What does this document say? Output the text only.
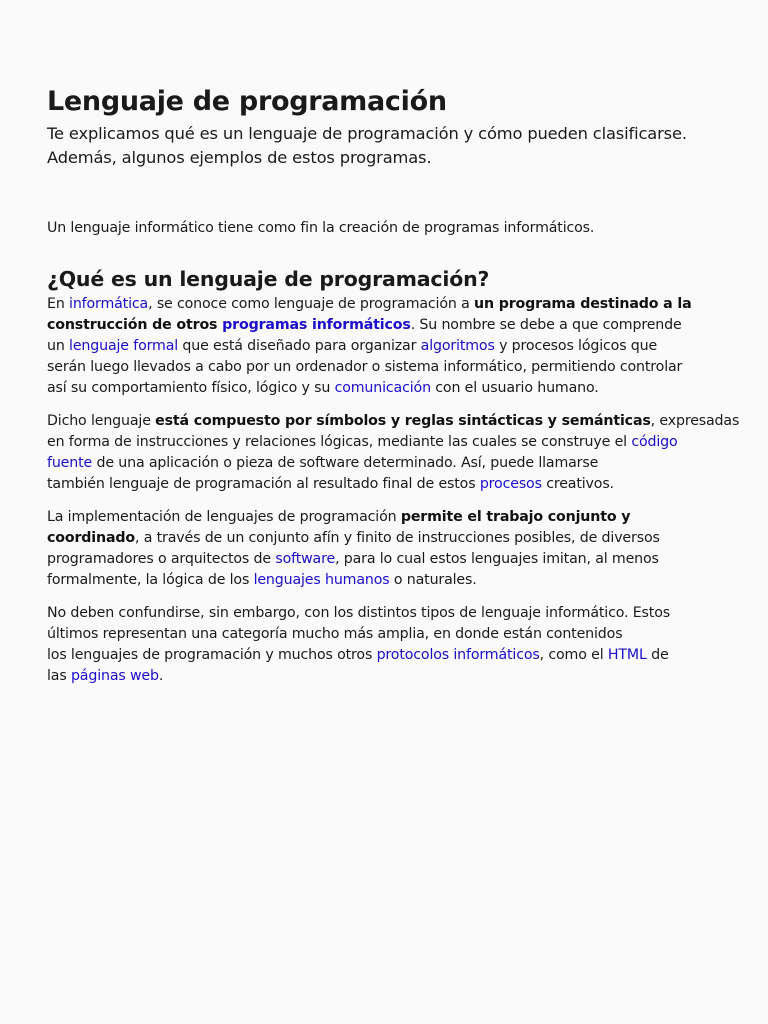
Lenguaje de programación

Te explicamos qué es un lenguaje de programación y cómo pueden clasificarse. Además, algunos ejemplos de estos programas.

Un lenguaje informático tiene como fin la creación de programas informáticos.

¿Qué es un lenguaje de programación?

En informática, se conoce como lenguaje de programación a un programa destinado a la
construcción de otros programas informáticos. Su nombre se debe a que comprende
un lenguaje formal que está diseñado para organizar algoritmos y procesos lógicos que
serán luego llevados a cabo por un ordenador o sistema informático, permitiendo controlar
así su comportamiento físico, lógico y su comunicación con el usuario humano.

Dicho lenguaje está compuesto por símbolos y reglas sintácticas y semánticas, expresadas
en forma de instrucciones y relaciones lógicas, mediante las cuales se construye el código
fuente de una aplicación o pieza de software determinado. Así, puede llamarse
también lenguaje de programación al resultado final de estos procesos creativos.

La implementación de lenguajes de programación permite el trabajo conjunto y
coordinado, a través de un conjunto afín y finito de instrucciones posibles, de diversos
programadores o arquitectos de software, para lo cual estos lenguajes imitan, al menos
formalmente, la lógica de los lenguajes humanos o naturales.

No deben confundirse, sin embargo, con los distintos tipos de lenguaje informático. Estos
últimos representan una categoría mucho más amplia, en donde están contenidos
los lenguajes de programación y muchos otros protocolos informáticos, como el HTML de
las páginas web.
